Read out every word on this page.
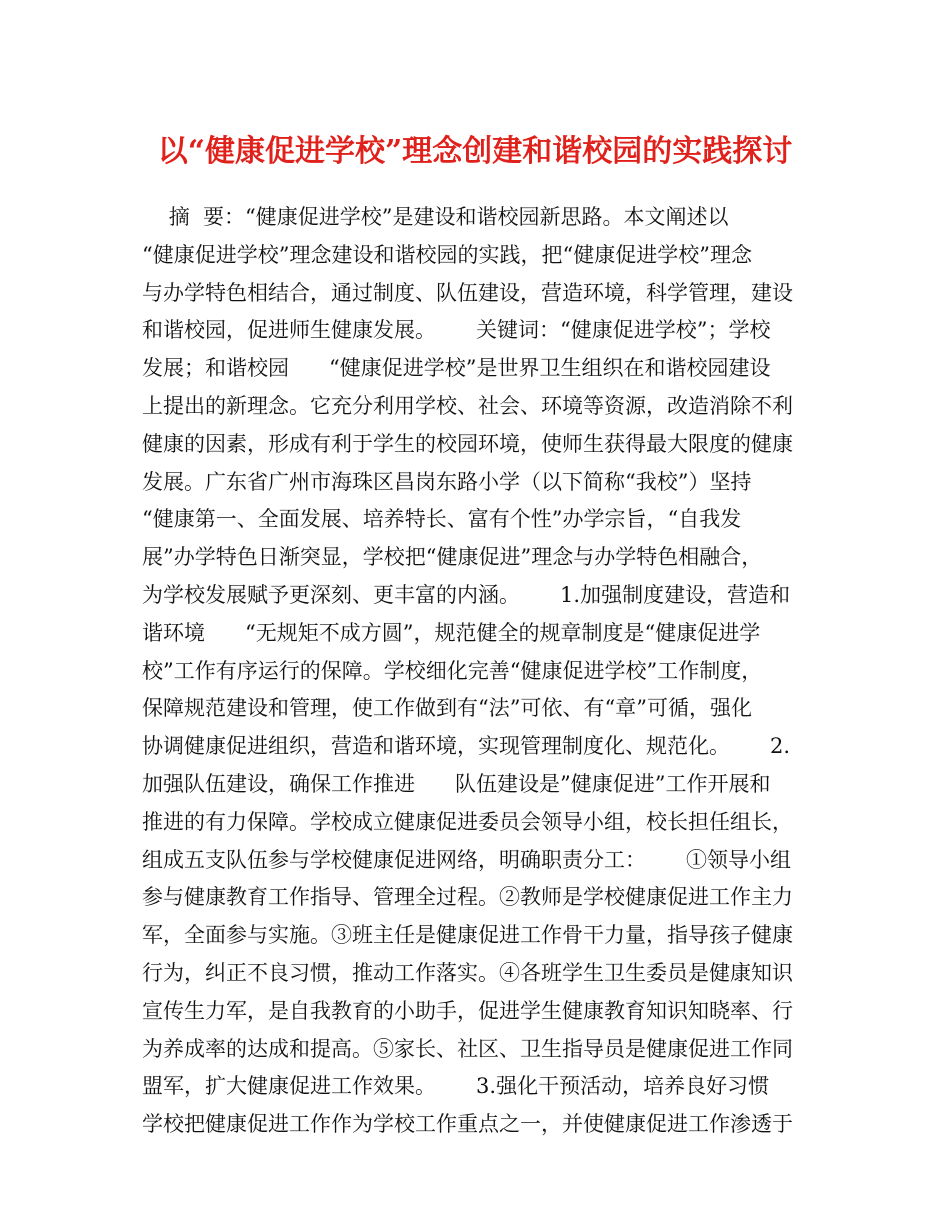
以“健康促进学校”理念创建和谐校园的实践探讨
摘  要：“健康促进学校”是建设和谐校园新思路。本文阐述以
“健康促进学校”理念建设和谐校园的实践，把“健康促进学校”理念
与办学特色相结合，通过制度、队伍建设，营造环境，科学管理，建设
和谐校园，促进师生健康发展。      关键词：“健康促进学校”；学校
发展；和谐校园      “健康促进学校”是世界卫生组织在和谐校园建设
上提出的新理念。它充分利用学校、社会、环境等资源，改造消除不利
健康的因素，形成有利于学生的校园环境，使师生获得最大限度的健康
发展。广东省广州市海珠区昌岗东路小学（以下简称“我校”）坚持
“健康第一、全面发展、培养特长、富有个性”办学宗旨，“自我发
展”办学特色日渐突显，学校把“健康促进”理念与办学特色相融合，
为学校发展赋予更深刻、更丰富的内涵。      1.加强制度建设，营造和
谐环境      “无规矩不成方圆”，规范健全的规章制度是“健康促进学
校”工作有序运行的保障。学校细化完善“健康促进学校”工作制度，
保障规范建设和管理，使工作做到有“法”可依、有“章”可循，强化
协调健康促进组织，营造和谐环境，实现管理制度化、规范化。      2.
加强队伍建设，确保工作推进      队伍建设是”健康促进”工作开展和
推进的有力保障。学校成立健康促进委员会领导小组，校长担任组长，
组成五支队伍参与学校健康促进网络，明确职责分工：      ①领导小组
参与健康教育工作指导、管理全过程。②教师是学校健康促进工作主力
军，全面参与实施。③班主任是健康促进工作骨干力量，指导孩子健康
行为，纠正不良习惯，推动工作落实。④各班学生卫生委员是健康知识
宣传生力军，是自我教育的小助手，促进学生健康教育知识知晓率、行
为养成率的达成和提高。⑤家长、社区、卫生指导员是健康促进工作同
盟军，扩大健康促进工作效果。      3.强化干预活动，培养良好习惯
学校把健康促进工作作为学校工作重点之一，并使健康促进工作渗透于
